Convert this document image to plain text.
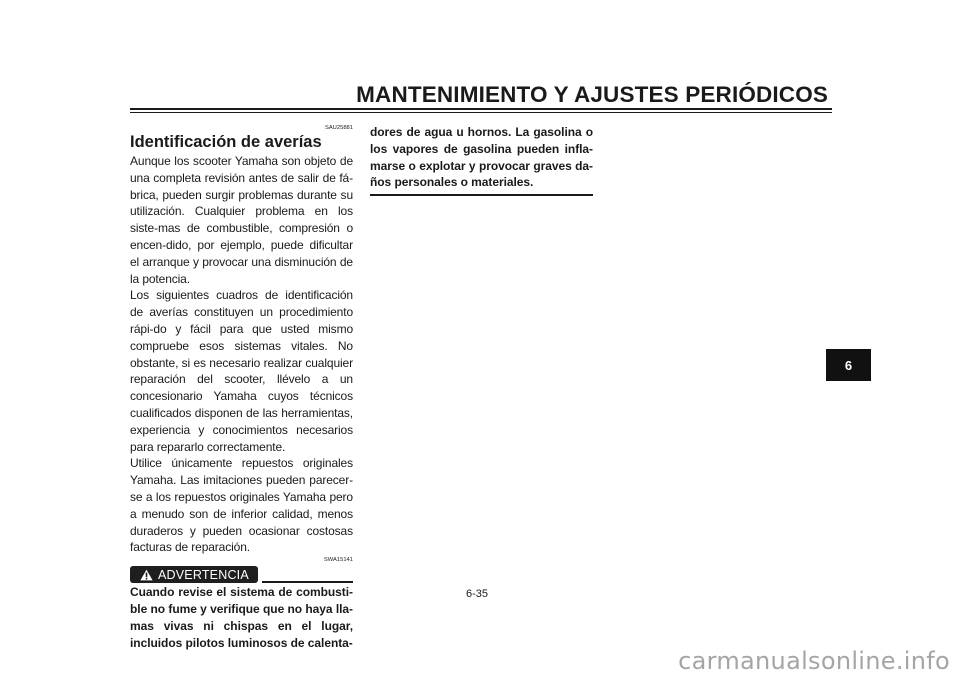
MANTENIMIENTO Y AJUSTES PERIÓDICOS
SAU25881
Identificación de averías

Aunque los scooter Yamaha son objeto de una completa revisión antes de salir de fá-brica, pueden surgir problemas durante su utilización. Cualquier problema en los siste-mas de combustible, compresión o encen-dido, por ejemplo, puede dificultar el arranque y provocar una disminución de la potencia.

Los siguientes cuadros de identificación de averías constituyen un procedimiento rápi-do y fácil para que usted mismo compruebe esos sistemas vitales. No obstante, si es necesario realizar cualquier reparación del scooter, llévelo a un concesionario Yamaha cuyos técnicos cualificados disponen de las herramientas, experiencia y conocimientos necesarios para repararlo correctamente.

Utilice únicamente repuestos originales Yamaha. Las imitaciones pueden parecer-se a los repuestos originales Yamaha pero a menudo son de inferior calidad, menos duraderos y pueden ocasionar costosas facturas de reparación.

SWA15141
ADVERTENCIA

Cuando revise el sistema de combusti-ble no fume y verifique que no haya lla-mas vivas ni chispas en el lugar, incluidos pilotos luminosos de calenta-

dores de agua u hornos. La gasolina o los vapores de gasolina pueden infla-marse o explotar y provocar graves da-ños personales o materiales.

6-35
6
carmanualsonline.info
